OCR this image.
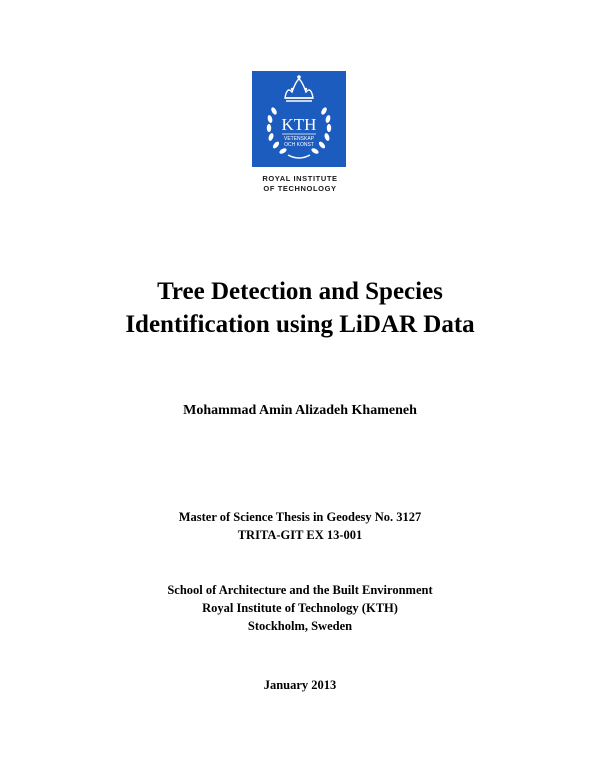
KTH
VETENSKAP
OCH KONST
ROYAL INSTITUTE
OF TECHNOLOGY
Tree Detection and Species
Identification using LiDAR Data
Mohammad Amin Alizadeh Khameneh
Master of Science Thesis in Geodesy No. 3127
TRITA-GIT EX 13-001
School of Architecture and the Built Environment
Royal Institute of Technology (KTH)
Stockholm, Sweden
January 2013
